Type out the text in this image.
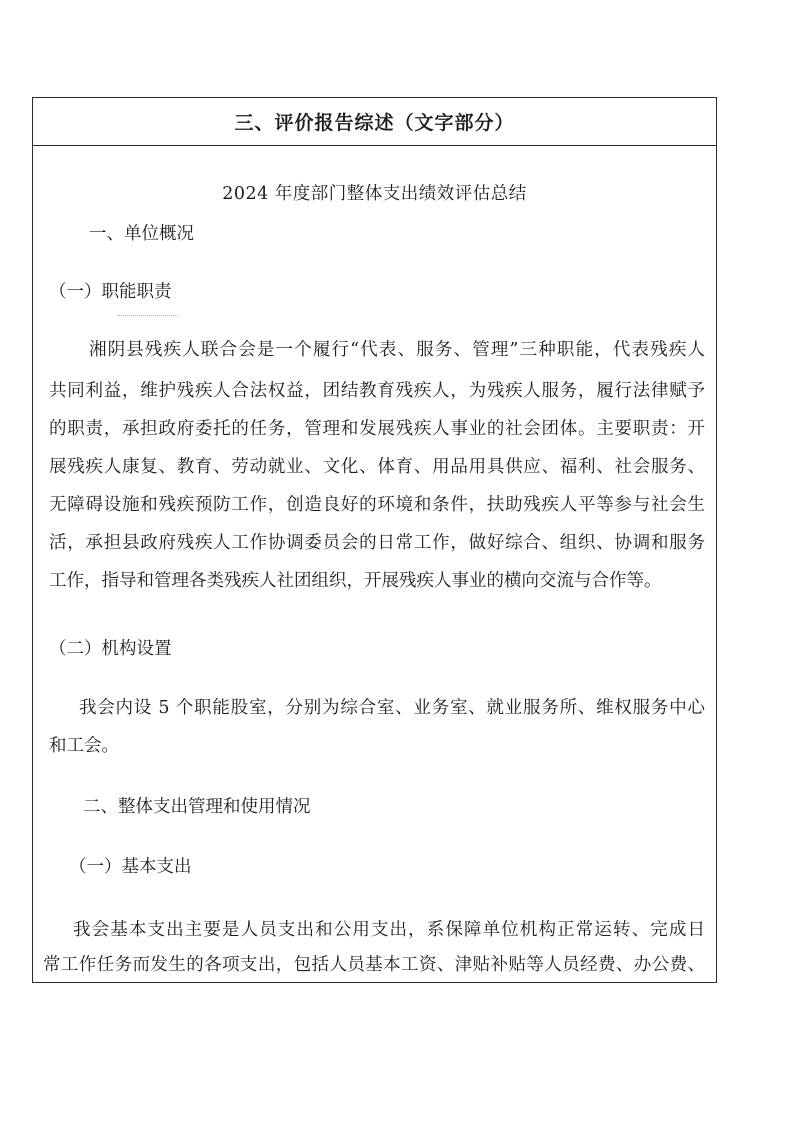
三、评价报告综述（文字部分）
2024 年度部门整体支出绩效评估总结
一、单位概况
（一）职能职责
湘阴县残疾人联合会是一个履行“代表、服务、管理”三种职能，代表残疾人
共同利益，维护残疾人合法权益，团结教育残疾人，为残疾人服务，履行法律赋予
的职责，承担政府委托的任务，管理和发展残疾人事业的社会团体。主要职责：开
展残疾人康复、教育、劳动就业、文化、体育、用品用具供应、福利、社会服务、
无障碍设施和残疾预防工作，创造良好的环境和条件，扶助残疾人平等参与社会生
活，承担县政府残疾人工作协调委员会的日常工作，做好综合、组织、协调和服务
工作，指导和管理各类残疾人社团组织，开展残疾人事业的横向交流与合作等。
（二）机构设置
我会内设 5 个职能股室，分别为综合室、业务室、就业服务所、维权服务中心
和工会。
二、整体支出管理和使用情况
（一）基本支出
我会基本支出主要是人员支出和公用支出，系保障单位机构正常运转、完成日
常工作任务而发生的各项支出，包括人员基本工资、津贴补贴等人员经费、办公费、
